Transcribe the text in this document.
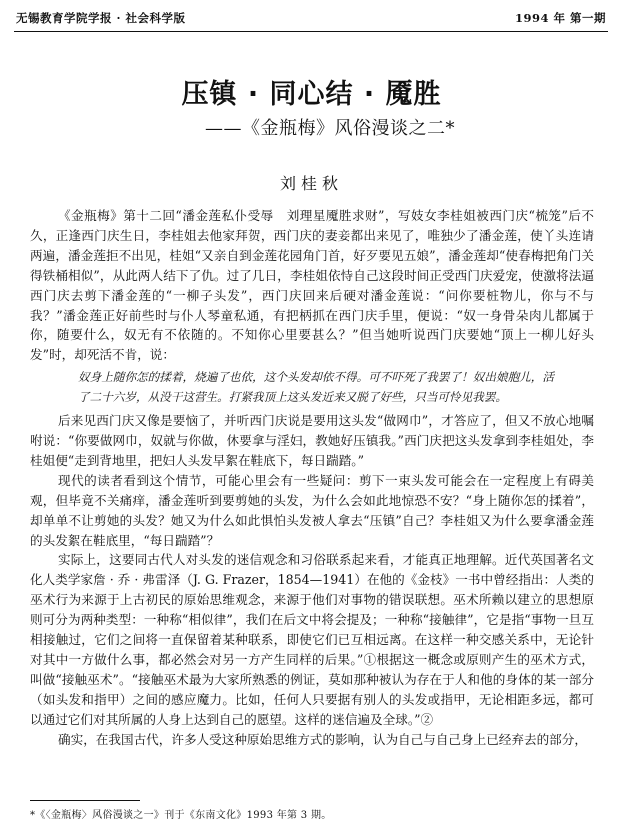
无锡教育学院学报 · 社会科学版	1994 年 第一期
压镇 · 同心结 · 魇胜
——《金瓶梅》风俗漫谈之二*
刘桂秋

《金瓶梅》第十二回“潘金莲私仆受辱　刘理星魇胜求财”，写妓女李桂姐被西门庆“梳笼”后不久，正逢西门庆生日，李桂姐去他家拜贺，西门庆的妻妾都出来见了，唯独少了潘金莲，使丫头连请两遍，潘金莲拒不出见，桂姐“又亲自到金莲花园角门首，好歹要见五娘”，潘金莲却“使春梅把角门关得铁桶相似”，从此两人结下了仇。过了几日，李桂姐依恃自己这段时间正受西门庆爱宠，使激将法逼西门庆去剪下潘金莲的“一柳子头发”，西门庆回来后硬对潘金莲说：“问你要桩物儿，你与不与我？”潘金莲正好前些时与仆人琴童私通，有把柄抓在西门庆手里，便说：“奴一身骨朵肉儿都属于你，随要什么，奴无有不依随的。不知你心里要甚么？”但当她听说西门庆要她“顶上一柳儿好头发”时，却死活不肯，说：

奴身上随你怎的揉着，烧遍了也依，这个头发却依不得。可不吓死了我罢了！奴出娘胞儿，活了二十六岁，从没干这营生。打紧我顶上这头发近来又脱了好些，只当可怜见我罢。

后来见西门庆又像是要恼了，并听西门庆说是要用这头发“做网巾”，才答应了，但又不放心地嘱咐说：“你要做网巾，奴就与你做，休要拿与淫妇，教她好压镇我。”西门庆把这头发拿到李桂姐处，李桂姐便“走到背地里，把妇人头发早絮在鞋底下，每日踹踏。”

现代的读者看到这个情节，可能心里会有一些疑问：剪下一束头发可能会在一定程度上有碍美观，但毕竟不关痛痒，潘金莲听到要剪她的头发，为什么会如此地惊恐不安？“身上随你怎的揉着”，却单单不让剪她的头发？她又为什么如此惧怕头发被人拿去“压镇”自己？李桂姐又为什么要拿潘金莲的头发絮在鞋底里，“每日踹踏”？

实际上，这要同古代人对头发的迷信观念和习俗联系起来看，才能真正地理解。近代英国著名文化人类学家詹 · 乔 · 弗雷泽（J. G. Frazer，1854—1941）在他的《金枝》一书中曾经指出：人类的巫术行为来源于上古初民的原始思维观念，来源于他们对事物的错误联想。巫术所赖以建立的思想原则可分为两种类型：一种称“相似律”，我们在后文中将会提及；一种称“接触律”，它是指“事物一旦互相接触过，它们之间将一直保留着某种联系，即使它们已互相远离。在这样一种交感关系中，无论针对其中一方做什么事，都必然会对另一方产生同样的后果。”①根据这一概念或原则产生的巫术方式，叫做“接触巫术”。“接触巫术最为大家所熟悉的例证，莫如那种被认为存在于人和他的身体的某一部分（如头发和指甲）之间的感应魔力。比如，任何人只要据有别人的头发或指甲，无论相距多远，都可以通过它们对其所属的人身上达到自己的愿望。这样的迷信遍及全球。”②

确实，在我国古代，许多人受这种原始思维方式的影响，认为自己与自己身上已经弃去的部分，

*《〈金瓶梅〉风俗漫谈之一》刊于《东南文化》1993 年第 3 期。
